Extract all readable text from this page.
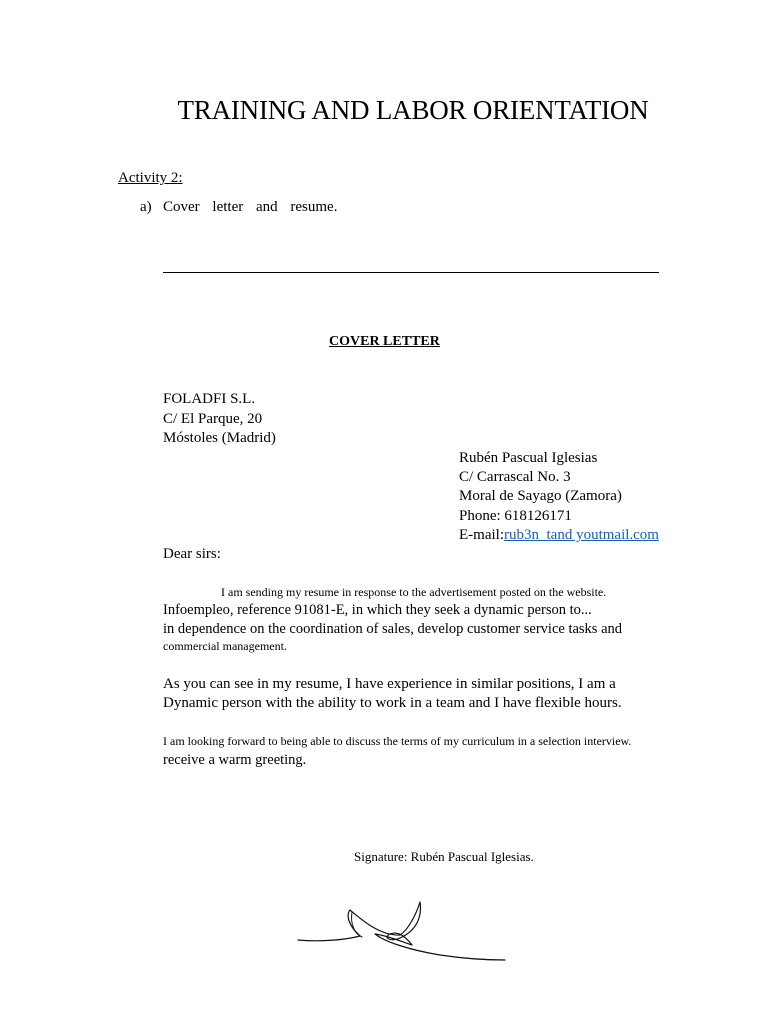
TRAINING AND LABOR ORIENTATION
Activity 2:
a) Cover letter and resume.
COVER LETTER
FOLADFI S.L.
C/ El Parque, 20
Móstoles (Madrid)
Rubén Pascual Iglesias
C/ Carrascal No. 3
Moral de Sayago (Zamora)
Phone: 618126171
E-mail:rub3n_tand youtmail.com
Dear sirs:
I am sending my resume in response to the advertisement posted on the website.
Infoempleo, reference 91081-E, in which they seek a dynamic person to...
in dependence on the coordination of sales, develop customer service tasks and
commercial management.
As you can see in my resume, I have experience in similar positions, I am a
Dynamic person with the ability to work in a team and I have flexible hours.
I am looking forward to being able to discuss the terms of my curriculum in a selection interview.
receive a warm greeting.
Signature: Rubén Pascual Iglesias.
